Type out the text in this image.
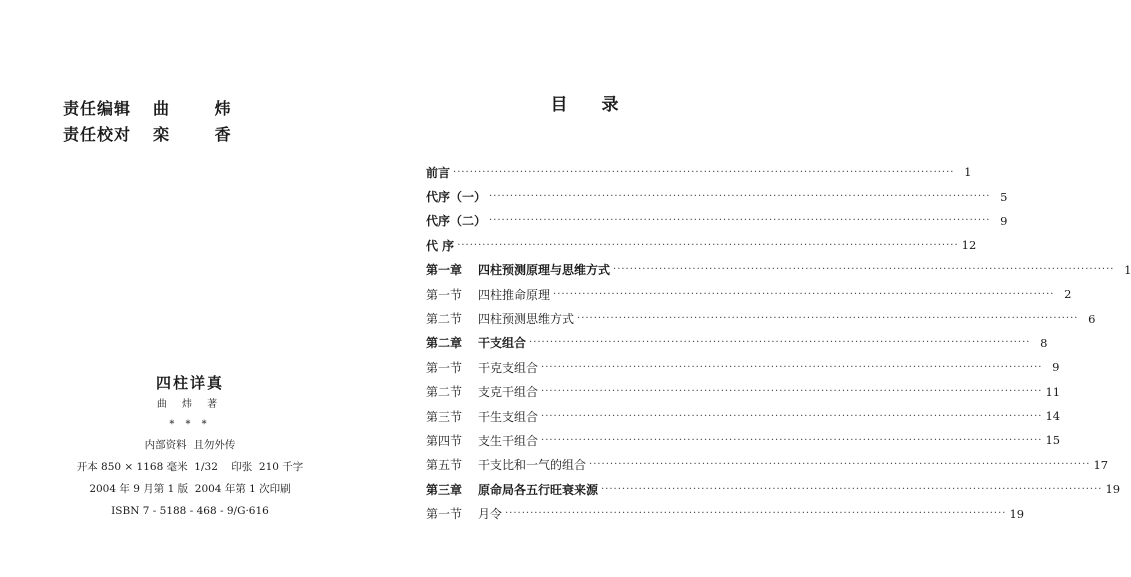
责任编辑	曲 炜
责任校对	栾 香
四柱详真
曲 炜 著
* * *
内部资料  且勿外传
开本 850 × 1168 毫米  1/32    印张  210 千字
2004 年 9 月第 1 版  2004 年第 1 次印刷
ISBN 7 - 5188 - 468 - 9/G·616
目 录
前言 ························································································································ 1
代序（一） ························································································································ 5
代序（二） ························································································································ 9
代 序 ························································································································ 12
第一章	四柱预测原理与思维方式 ························································································································ 1
第一节	四柱推命原理 ························································································································ 2
第二节	四柱预测思维方式 ························································································································ 6
第二章	干支组合 ························································································································ 8
第一节	干克支组合 ························································································································ 9
第二节	支克干组合 ························································································································ 11
第三节	干生支组合 ························································································································ 14
第四节	支生干组合 ························································································································ 15
第五节	干支比和一气的组合 ························································································································ 17
第三章	原命局各五行旺衰来源 ························································································································ 19
第一节	月令 ························································································································ 19
